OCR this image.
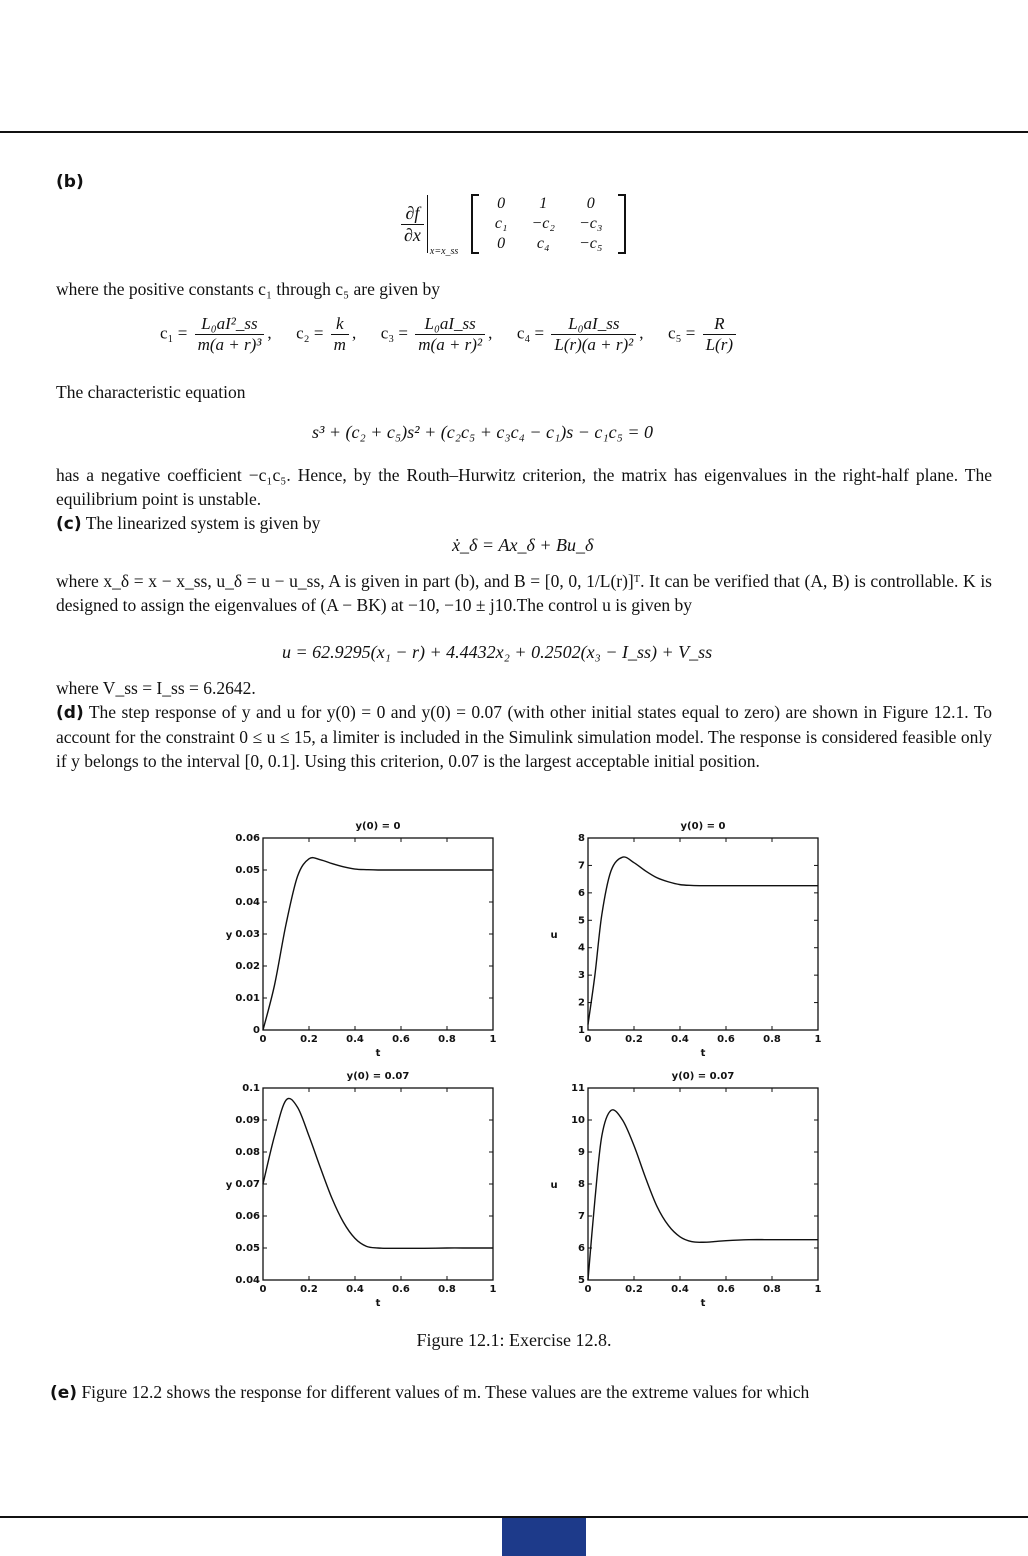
(b)
$\frac{\partial f}{\partial x}$
$_{x=x\_ss}$
0	1	0
c₁	−c₂	−c₃
0	c₄	−c₅
where the positive constants c₁ through c₅ are given by
$c_1 = \frac{\text{L₀aI²\_ss}}{\text{m(a + r)³}}$ ,  $c_2 = \frac{k}{m}$ ,  $c_3 = \frac{\text{L₀aI\_ss}}{\text{m(a + r)²}}$ ,  $c_4 = \frac{\text{L₀aI\_ss}}{\text{L(r)(a + r)²}}$ ,  $c_5 = \frac{R}{L(r)}$
The characteristic equation
s³ + (c₂ + c₅)s² + (c₂c₅ + c₃c₄ − c₁)s − c₁c₅ = 0
has a negative coefficient −c₁c₅. Hence, by the Routh–Hurwitz criterion, the matrix has eigenvalues in the right-half plane. The equilibrium point is unstable.
(c) The linearized system is given by
ẋ_δ = Ax_δ + Bu_δ
where x_δ = x − x_ss, u_δ = u − u_ss, A is given in part (b), and B = [0, 0, 1/L(r)]ᵀ. It can be verified that (A, B) is controllable. K is designed to assign the eigenvalues of (A − BK) at −10, −10 ± j10.The control u is given by
u = 62.9295(x₁ − r) + 4.4432x₂ + 0.2502(x₃ − I_ss) + V_ss
where V_ss = I_ss = 6.2642.
(d) The step response of y and u for y(0) = 0 and y(0) = 0.07 (with other initial states equal to zero) are shown in Figure 12.1. To account for the constraint 0 ≤ u ≤ 15, a limiter is included in the Simulink simulation model. The response is considered feasible only if y belongs to the interval [0, 0.1]. Using this criterion, 0.07 is the largest acceptable initial position.
y(0) = 0
0	0.2	0.4	0.6	0.8	1
0
0.01
0.02
0.03
0.04
0.05
0.06
t
y
y(0) = 0
0	0.2	0.4	0.6	0.8	1
1
2
3
4
5
6
7
8
t
u
y(0) = 0.07
0	0.2	0.4	0.6	0.8	1
0.04
0.05
0.06
0.07
0.08
0.09
0.1
t
y
y(0) = 0.07
0	0.2	0.4	0.6	0.8	1
5
6
7
8
9
10
11
t
u
Figure 12.1: Exercise 12.8.
(e) Figure 12.2 shows the response for different values of m. These values are the extreme values for which
